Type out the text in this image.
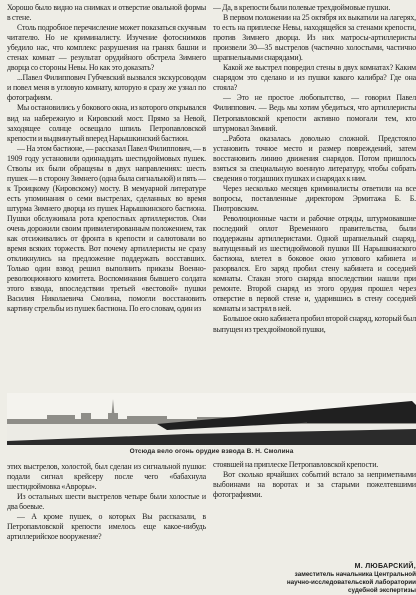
Хорошо было видно на снимках и отверстие овальной формы в стене.

Столь подробное перечисление может показаться скучным читателю. Но не криминалисту. Изучение фотоснимков убедило нас, что комплекс разрушения на гранях башни и стенах комнат — результат орудийного обстрела Зимнего дворца со стороны Невы. Но как это доказать?

...Павел Филиппович Губчевский вызвался экскурсоводом и повел меня в угловую комнату, которую я сразу же узнал по фотографиям.

Мы остановились у бокового окна, из которого открывался вид на набережную и Кировский мост. Прямо за Невой, заходящее солнце освещало шпиль Петропавловской крепости и выдвинутый вперед Нарышкинский бастион.

— На этом бастионе, — рассказал Павел Филиппович, — в 1909 году установили одиннадцать шестидюймовых пушек. Стволы их были обращены в двух направлениях: шесть пушек — в сторону Зимнего (одна была сигнальной) и пять — к Троицкому (Кировскому) мосту. В мемуарной литературе есть упоминания о семи выстрелах, сделанных во время штурма Зимнего дворца из пушек Нарышкинского бастиона. Пушки обслуживала рота крепостных артиллеристов. Они очень дорожили своим привилегированным положением, так как отсиживались от фронта в крепости и салютовали во время всяких торжеств. Вот почему артиллеристы не сразу откликнулись на предложение поддержать восставших. Только один взвод решил выполнить приказы Военно-революционного комитета. Воспоминания бывшего солдата этого взвода, впоследствии третьей «вестовой» пушки Василия Николаевича Смолина, помогли восстановить картину стрельбы из пушек бастиона. По его словам, один из

— Да, в крепости были полевые трехдюймовые пушки.

В первом положении на 25 октября их выкатили на лагерях, то есть на приплеске Невы, находящейся за стенами крепости, против Зимнего дворца. Из них матросы-артиллеристы произвели 30—35 выстрелов (частично холостыми, частично шрапнельными снарядами).

Какой же выстрел повредил стены в двух комнатах? Каким снарядом это сделано и из пушки какого калибра? Где она стояла?

— Это не простое любопытство, — говорил Павел Филиппович. — Ведь мы хотим убедиться, что артиллеристы Петропавловской крепости активно помогали тем, кто штурмовал Зимний.

...Работа оказалась довольно сложной. Предстояло установить точное место и размер повреждений, затем восстановить линию движения снарядов. Потом пришлось взяться за специальную военную литературу, чтобы собрать сведения о тогдашних пушках и снарядах к ним.

Через несколько месяцев криминалисты ответили на все вопросы, поставленные директором Эрмитажа Б. Б. Пиотровским.

Революционные части и рабочие отряды, штурмовавшие последний оплот Временного правительства, были поддержаны артиллеристами. Одной шрапнельный снаряд, выпущенный из шестидюймовой пушки III Нарышкинского бастиона, влетел в боковое окно углового кабинета и разорвался. Его заряд пробил стену кабинета и соседней комнаты. Стакан этого снаряда впоследствии нашли при ремонте. Второй снаряд из этого орудия прошел через отверстие в первой стене и, ударившись в стену соседней комнаты и застрял в ней.

Большое окно кабинета пробил второй снаряд, который был выпущен из трехдюймовой пушки,

Отсюда вело огонь орудие взвода В. Н. Смолина

этих выстрелов, холостой, был сделан из сигнальной пушки: подали сигнал крейсеру после чего «бабахнула шестидюймовка «Авроры».

Из остальных шести выстрелов четыре были холостые и два боевые.

— А кроме пушек, о которых Вы рассказали, в Петропавловской крепости имелось еще какое-нибудь артиллерийское вооружение?

стоявшей на приплеске Петропавловской крепости.

Вот сколько ярчайших событий встало за неприметными выбоинами на воротах и за старыми пожелтевшими фотографиями.

М. ЛЮБАРСКИЙ,
заместитель начальника Центральной
научно-исследовательской лаборатории
судебной экспертизы
